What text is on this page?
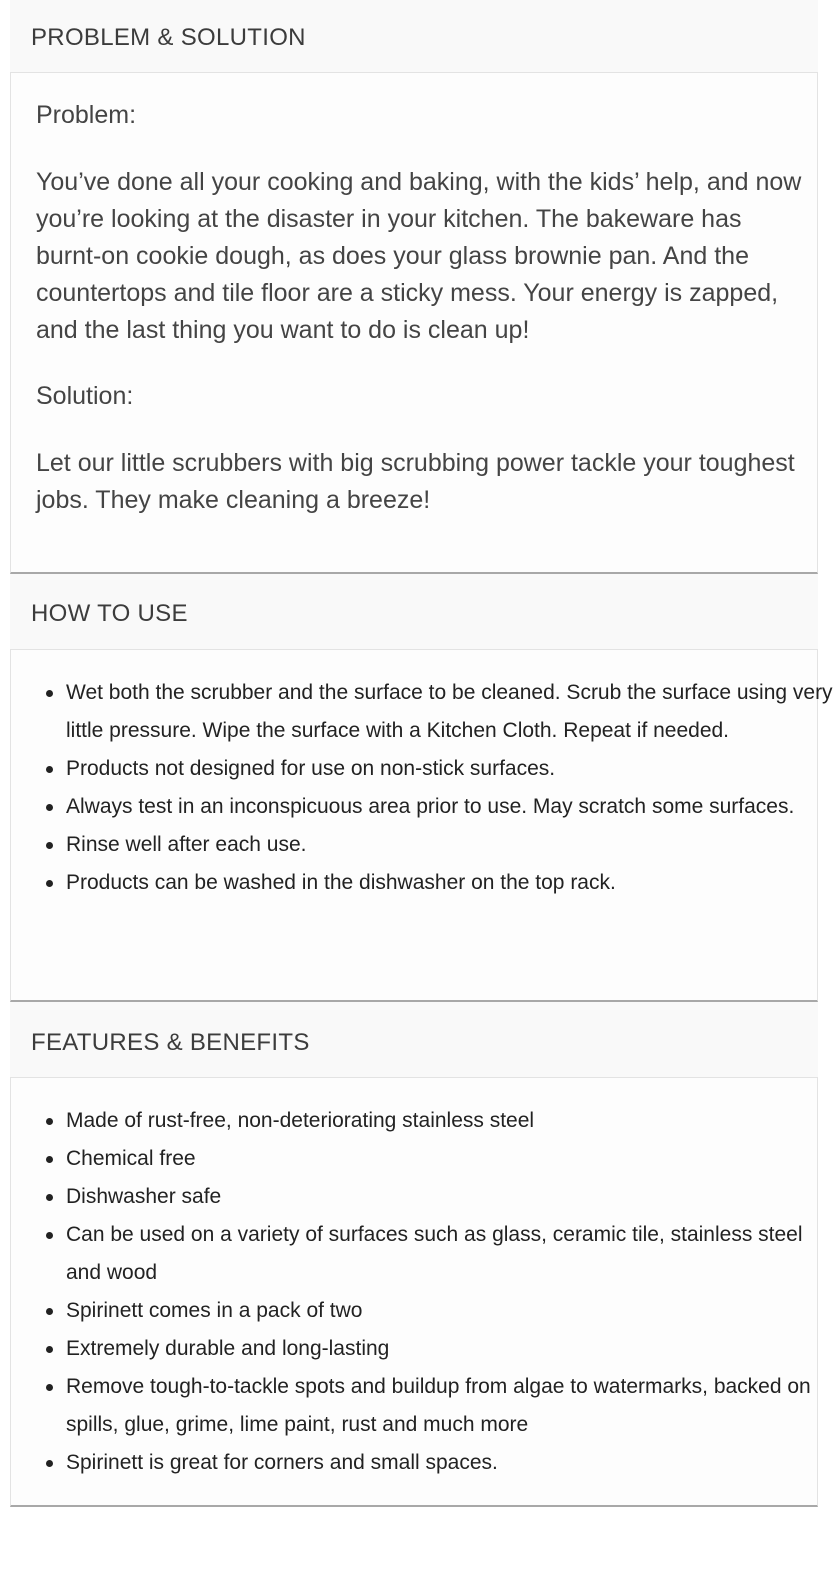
PROBLEM & SOLUTION

Problem:

You’ve done all your cooking and baking, with the kids’ help, and now you’re looking at the disaster in your kitchen. The bakeware has burnt-on cookie dough, as does your glass brownie pan. And the countertops and tile floor are a sticky mess. Your energy is zapped, and the last thing you want to do is clean up!

Solution:

Let our little scrubbers with big scrubbing power tackle your toughest jobs. They make cleaning a breeze!

HOW TO USE
Wet both the scrubber and the surface to be cleaned. Scrub the surface using very little pressure. Wipe the surface with a Kitchen Cloth. Repeat if needed.
Products not designed for use on non-stick surfaces.
Always test in an inconspicuous area prior to use. May scratch some surfaces.
Rinse well after each use.
Products can be washed in the dishwasher on the top rack.
FEATURES & BENEFITS
Made of rust-free, non-deteriorating stainless steel
Chemical free
Dishwasher safe
Can be used on a variety of surfaces such as glass, ceramic tile, stainless steel and wood
Spirinett comes in a pack of two
Extremely durable and long-lasting
Remove tough-to-tackle spots and buildup from algae to watermarks, backed on spills, glue, grime, lime paint, rust and much more
Spirinett is great for corners and small spaces.
